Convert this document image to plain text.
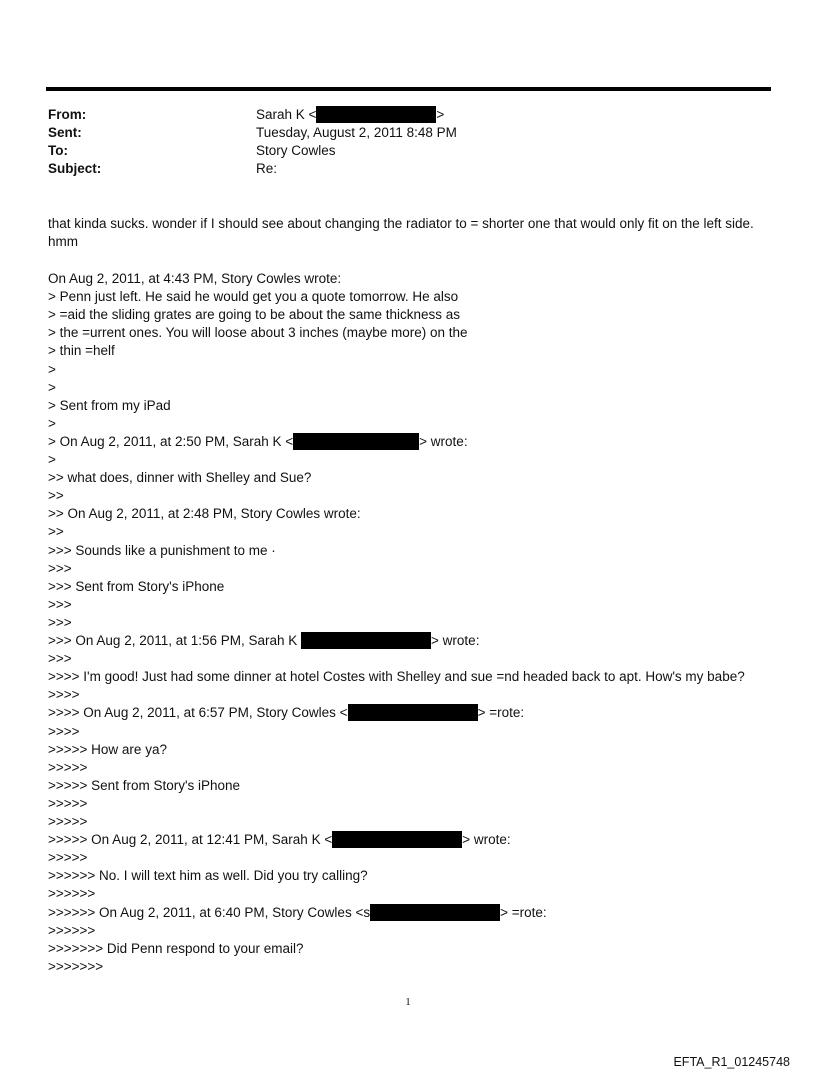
From:	Sarah K <	>
Sent:	Tuesday, August 2, 2011 8:48 PM
To:	Story Cowles
Subject:	Re:
that kinda sucks. wonder if I should see about changing the radiator to = shorter one that would only fit on the left side. hmm
On Aug 2, 2011, at 4:43 PM, Story Cowles wrote:
> Penn just left. He said he would get you a quote tomorrow. He also
> =aid the sliding grates are going to be about the same thickness as
> the =urrent ones. You will loose about 3 inches (maybe more) on the
> thin =helf
>
>
> Sent from my iPad
>
> On Aug 2, 2011, at 2:50 PM, Sarah K <	> wrote:
>
>> what does, dinner with Shelley and Sue?
>>
>> On Aug 2, 2011, at 2:48 PM, Story Cowles wrote:
>>
>>> Sounds like a punishment to me ·
>>>
>>> Sent from Story's iPhone
>>>
>>>
>>> On Aug 2, 2011, at 1:56 PM, Sarah K	> wrote:
>>>
>>>> I'm good! Just had some dinner at hotel Costes with Shelley and sue =nd headed back to apt. How's my babe?
>>>>
>>>> On Aug 2, 2011, at 6:57 PM, Story Cowles <	> =rote:
>>>>
>>>>> How are ya?
>>>>>
>>>>> Sent from Story's iPhone
>>>>>
>>>>>
>>>>> On Aug 2, 2011, at 12:41 PM, Sarah K <	> wrote:
>>>>>
>>>>>> No. I will text him as well. Did you try calling?
>>>>>>
>>>>>> On Aug 2, 2011, at 6:40 PM, Story Cowles <s	> =rote:
>>>>>>
>>>>>>> Did Penn respond to your email?
>>>>>>>
1
EFTA_R1_01245748
